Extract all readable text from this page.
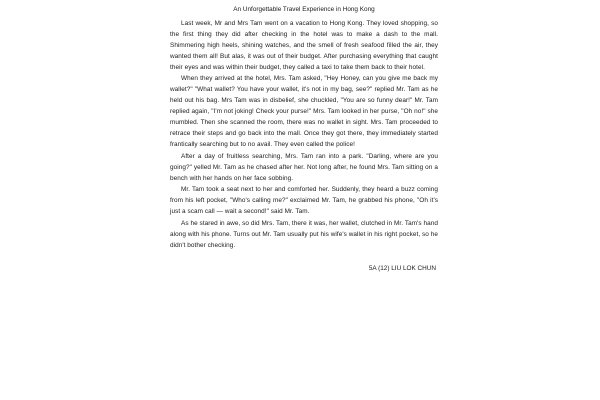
An Unforgettable Travel Experience in Hong Kong

Last week, Mr and Mrs Tam went on a vacation to Hong Kong. They loved shopping, so the first thing they did after checking in the hotel was to make a dash to the mall. Shimmering high heels, shining watches, and the smell of fresh seafood filled the air, they wanted them all! But alas, it was out of their budget. After purchasing everything that caught their eyes and was within their budget, they called a taxi to take them back to their hotel.

When they arrived at the hotel, Mrs. Tam asked, "Hey Honey, can you give me back my wallet?" "What wallet? You have your wallet, it's not in my bag, see?" replied Mr. Tam as he held out his bag. Mrs Tam was in disbelief, she chuckled, "You are so funny dear!" Mr. Tam replied again, "I'm not joking! Check your purse!" Mrs. Tam looked in her purse, "Oh no!" she mumbled. Then she scanned the room, there was no wallet in sight. Mrs. Tam proceeded to retrace their steps and go back into the mall. Once they got there, they immediately started frantically searching but to no avail. They even called the police!

After a day of fruitless searching, Mrs. Tam ran into a park. "Darling, where are you going?" yelled Mr. Tam as he chased after her. Not long after, he found Mrs. Tam sitting on a bench with her hands on her face sobbing.

Mr. Tam took a seat next to her and comforted her. Suddenly, they heard a buzz coming from his left pocket, "Who's calling me?" exclaimed Mr. Tam, he grabbed his phone, "Oh it's just a scam call — wait a second!" said Mr. Tam.

As he stared in awe, so did Mrs. Tam, there it was, her wallet, clutched in Mr. Tam's hand along with his phone. Turns out Mr. Tam usually put his wife's wallet in his right pocket, so he didn't bother checking.

5A (12) LIU LOK CHUN
